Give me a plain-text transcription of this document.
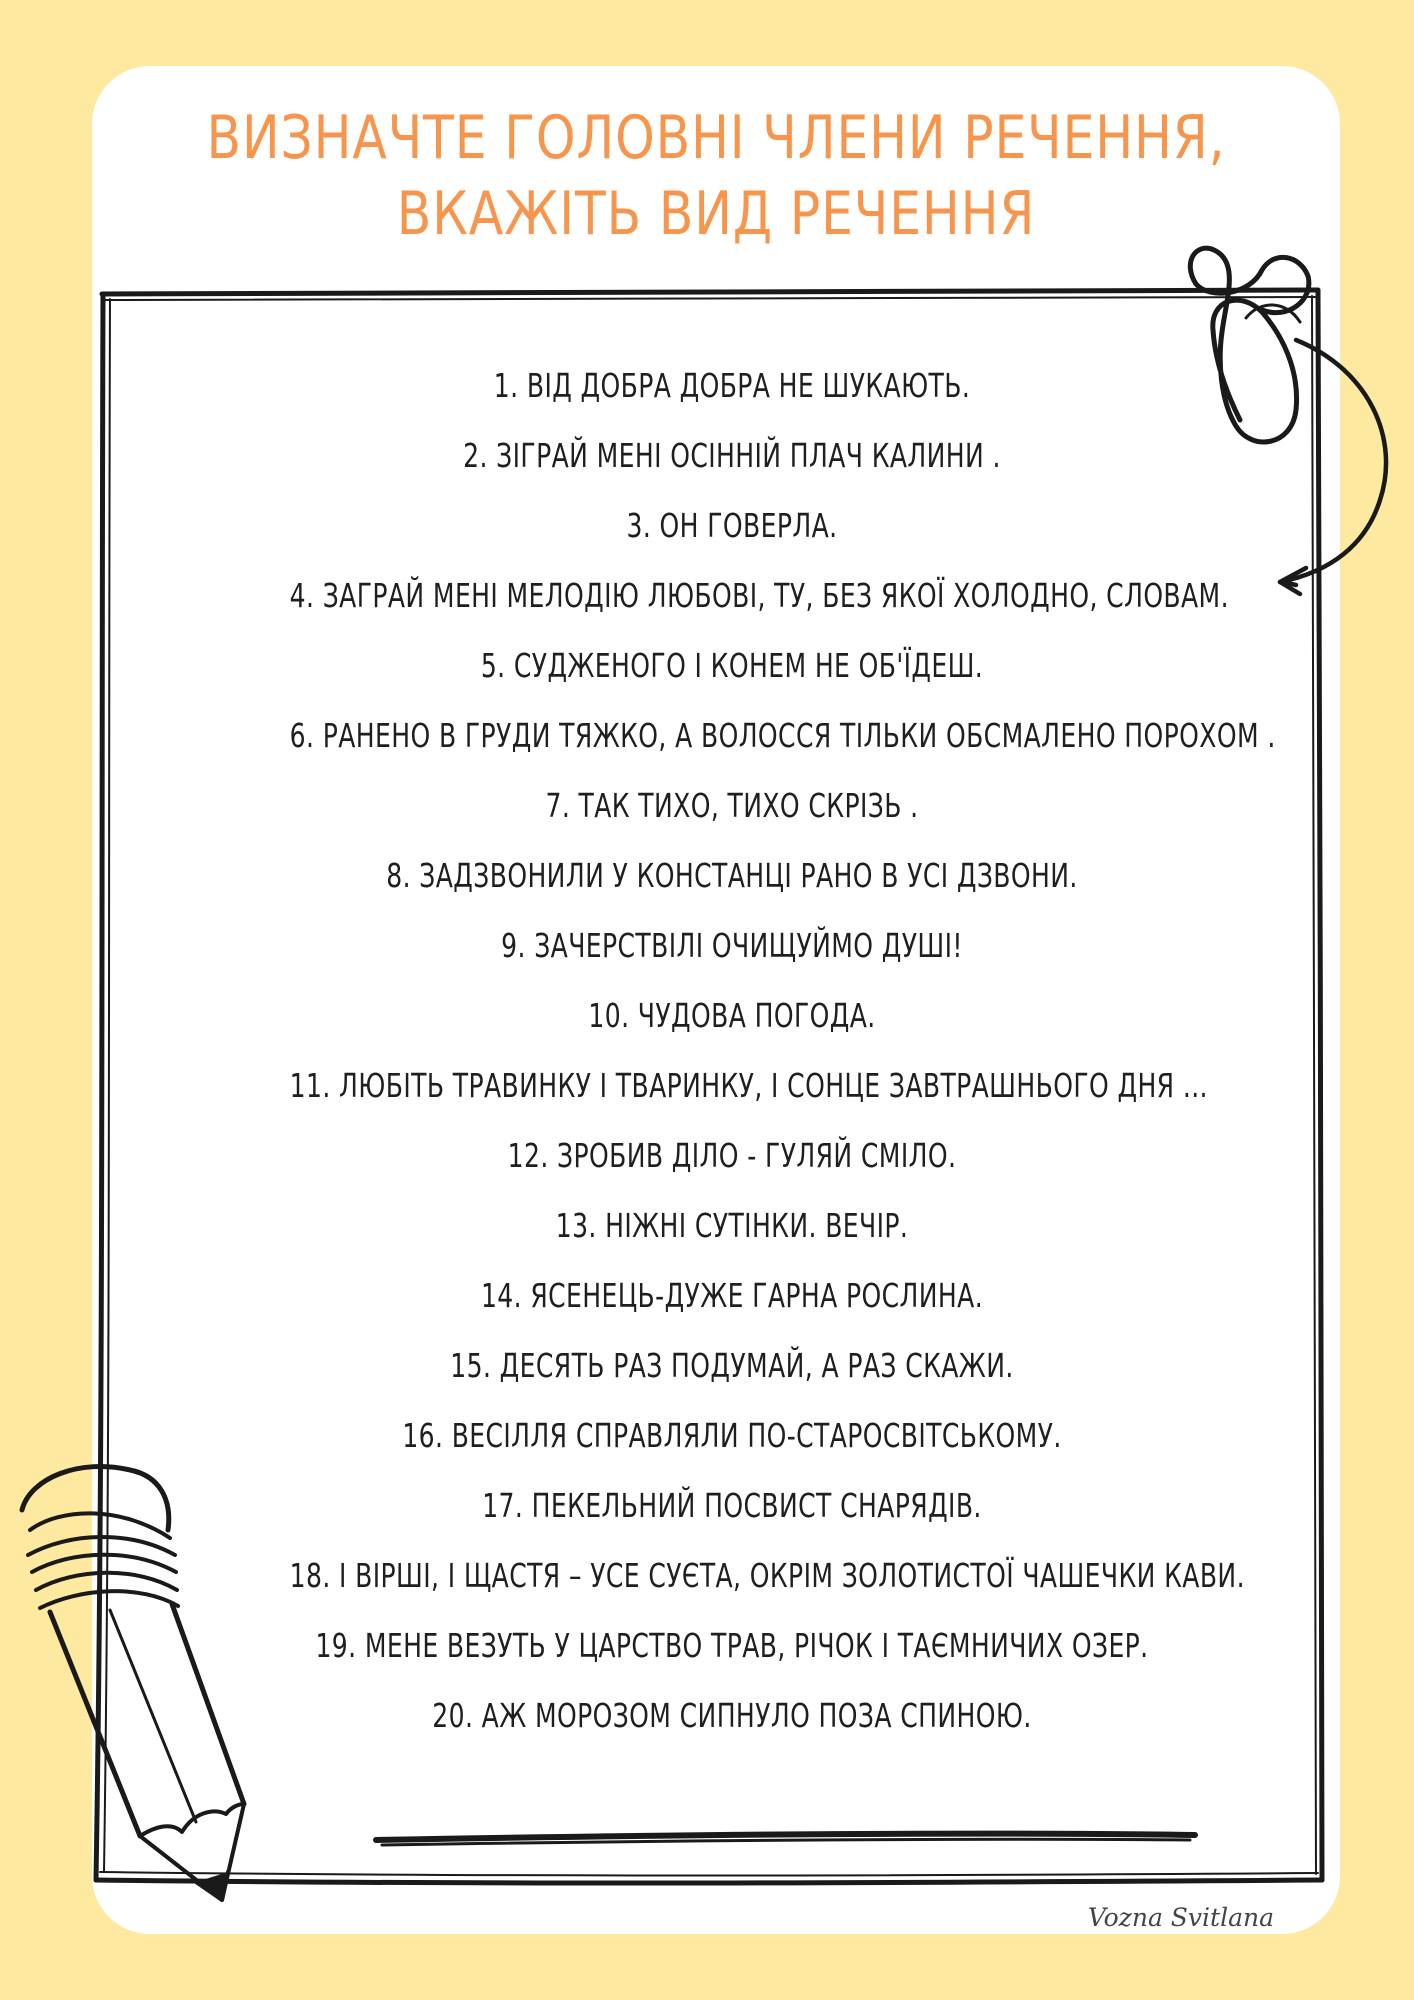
ВИЗНАЧТЕ ГОЛОВНІ ЧЛЕНИ РЕЧЕННЯ,
ВКАЖІТЬ ВИД РЕЧЕННЯ
1. ВІД ДОБРА ДОБРА НЕ ШУКАЮТЬ.
2. ЗІГРАЙ МЕНІ ОСІННІЙ ПЛАЧ КАЛИНИ .
3. ОН ГОВЕРЛА.
4. ЗАГРАЙ МЕНІ МЕЛОДІЮ ЛЮБОВІ, ТУ, БЕЗ ЯКОЇ ХОЛОДНО, СЛОВАМ.
5. СУДЖЕНОГО І КОНЕМ НЕ ОБ'ЇДЕШ.
6. РАНЕНО В ГРУДИ ТЯЖКО, А ВОЛОССЯ ТІЛЬКИ ОБСМАЛЕНО ПОРОХОМ .
7. ТАК ТИХО, ТИХО СКРІЗЬ .
8. ЗАДЗВОНИЛИ У КОНСТАНЦІ РАНО В УСІ ДЗВОНИ.
9. ЗАЧЕРСТВІЛІ ОЧИЩУЙМО ДУШІ!
10. ЧУДОВА ПОГОДА.
11. ЛЮБІТЬ ТРАВИНКУ І ТВАРИНКУ, І СОНЦЕ ЗАВТРАШНЬОГО ДНЯ ...
12. ЗРОБИВ ДІЛО - ГУЛЯЙ СМІЛО.
13. НІЖНІ СУТІНКИ. ВЕЧІР.
14. ЯСЕНЕЦЬ-ДУЖЕ ГАРНА РОСЛИНА.
15. ДЕСЯТЬ РАЗ ПОДУМАЙ, А РАЗ СКАЖИ.
16. ВЕСІЛЛЯ СПРАВЛЯЛИ ПО-СТАРОСВІТСЬКОМУ.
17. ПЕКЕЛЬНИЙ ПОСВИСТ СНАРЯДІВ.
18. І ВІРШІ, І ЩАСТЯ – УСЕ СУЄТА, ОКРІМ ЗОЛОТИСТОЇ ЧАШЕЧКИ КАВИ.
19. МЕНЕ ВЕЗУТЬ У ЦАРСТВО ТРАВ, РІЧОК І ТАЄМНИЧИХ ОЗЕР.
20. АЖ МОРОЗОМ СИПНУЛО ПОЗА СПИНОЮ.
Vozna Svitlana
